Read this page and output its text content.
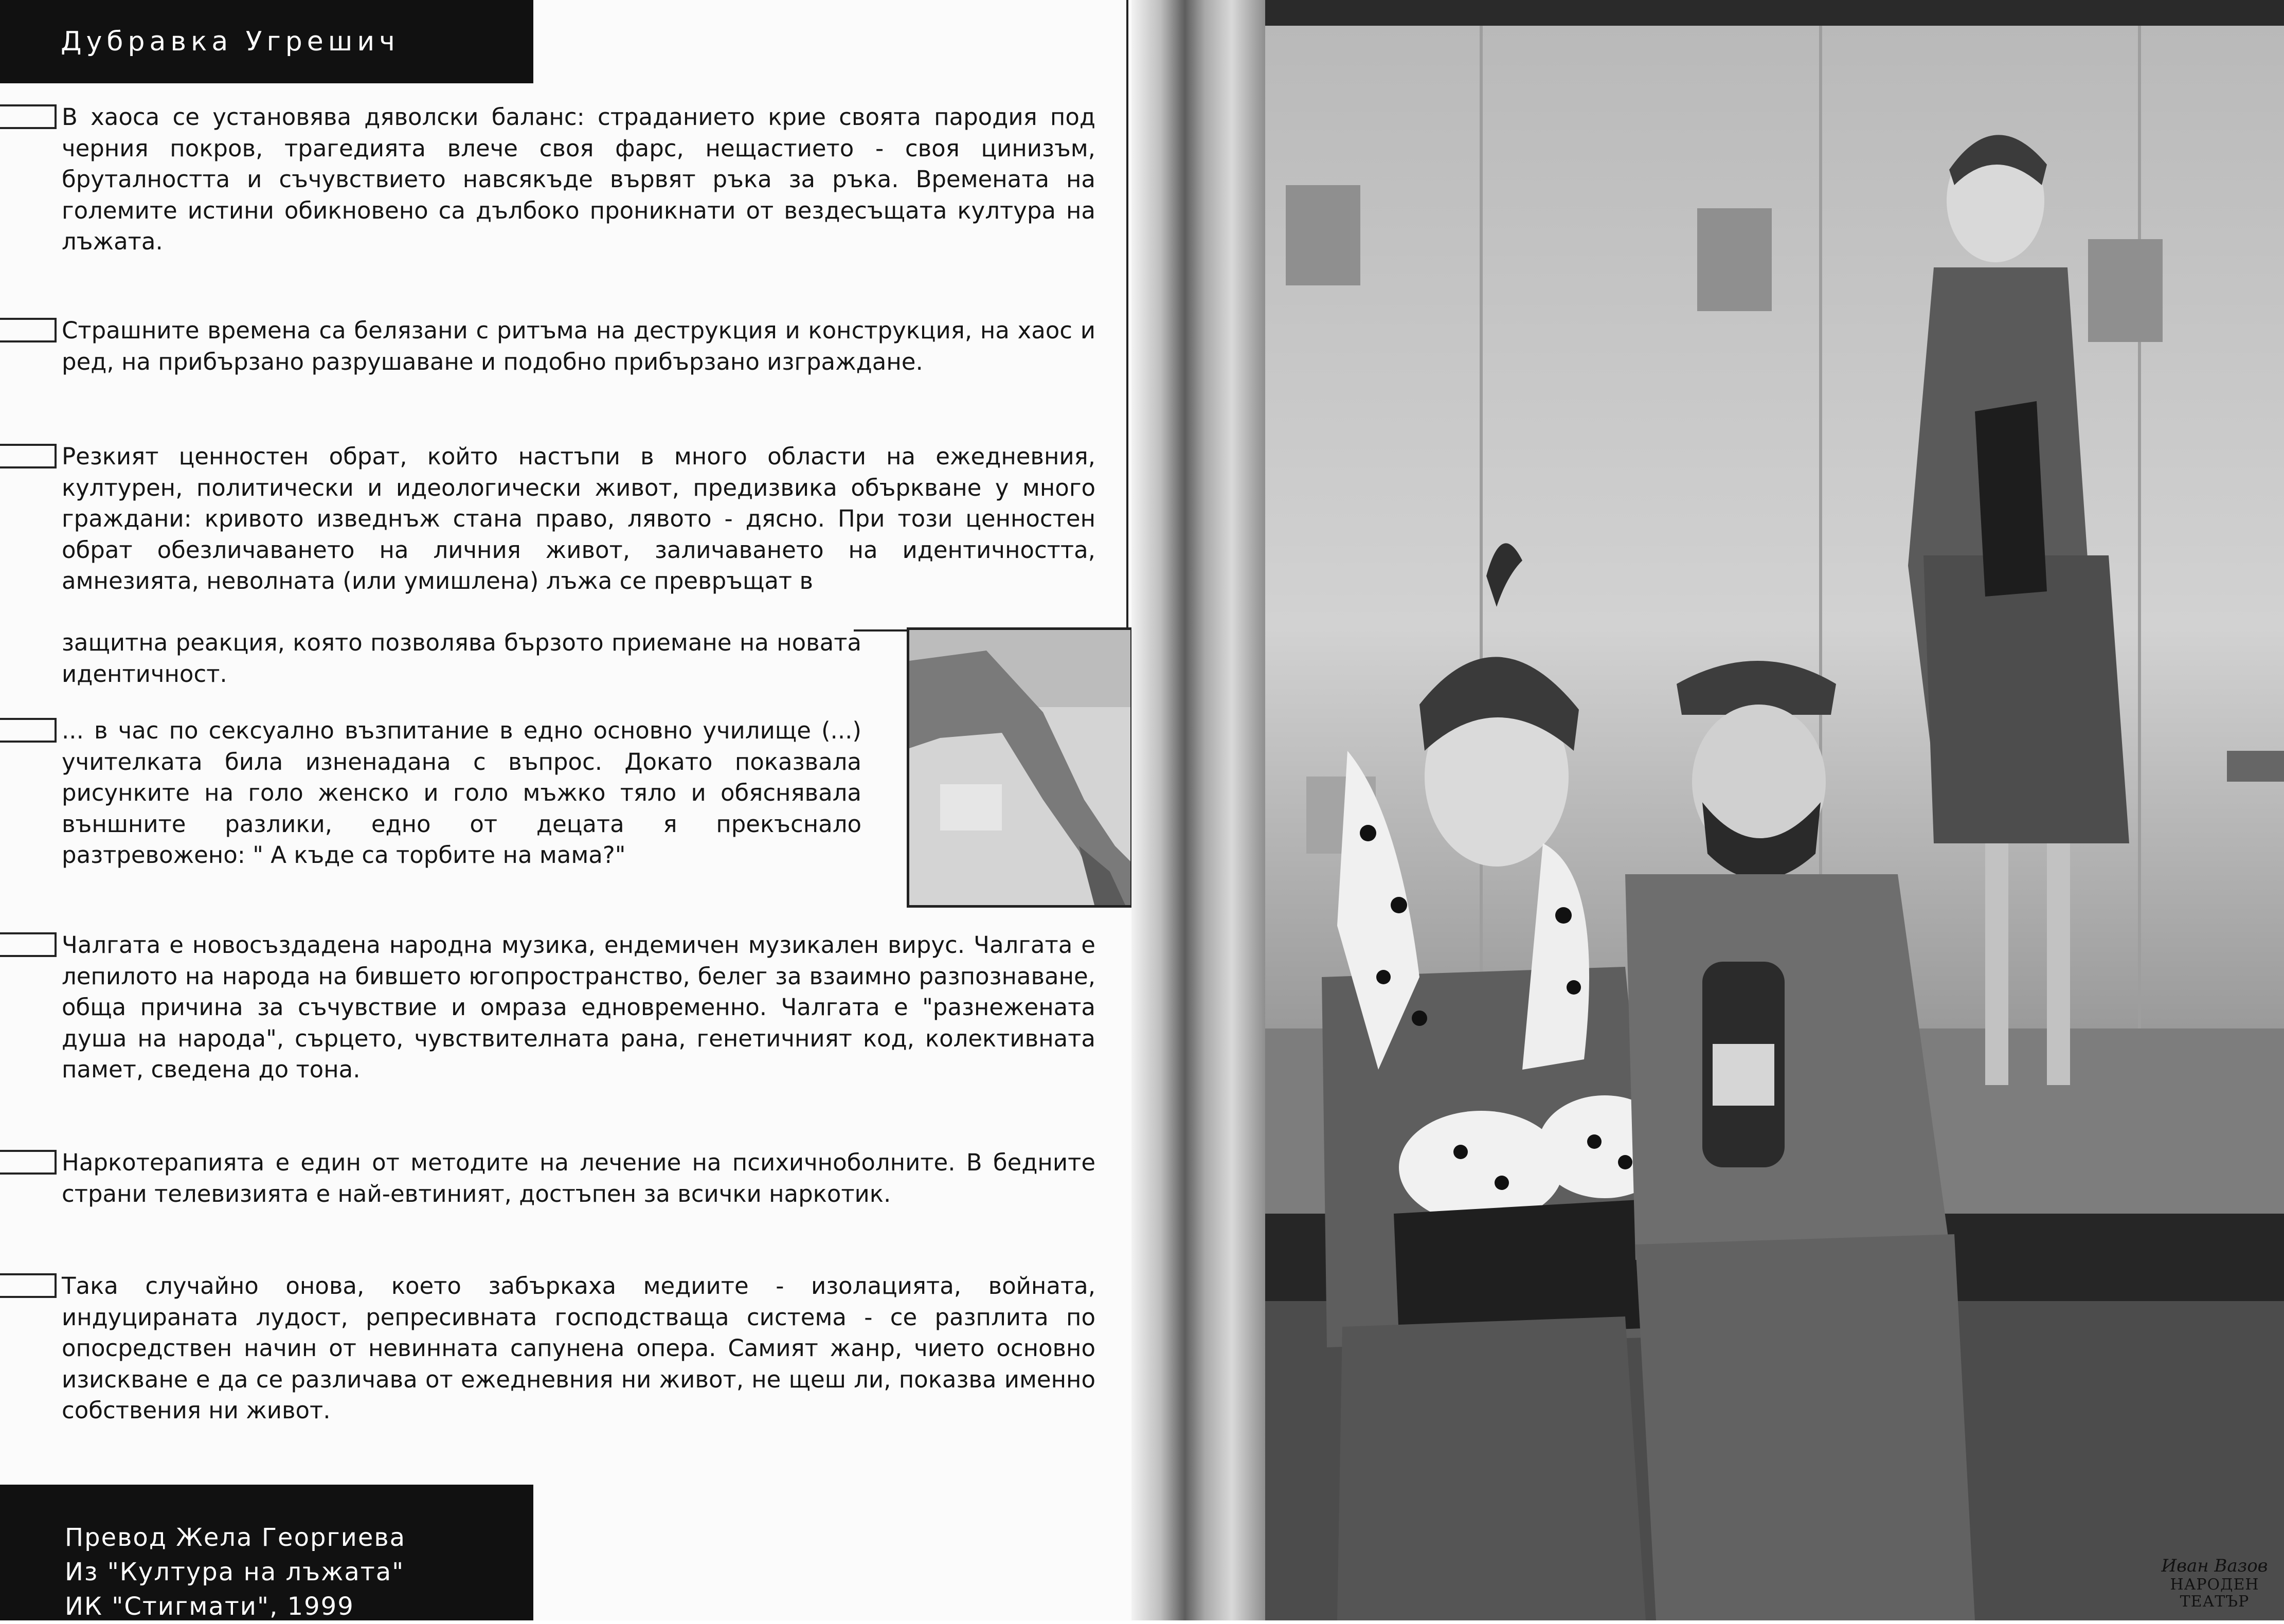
Дубравка Угрешич

В хаоса се установява дяволски баланс: страданието крие своята пародия под черния покров, трагедията влече своя фарс, нещастието - своя цинизъм, бруталността и съчувствието навсякъде вървят ръка за ръка. Времената на големите истини обикновено са дълбоко проникнати от вездесъщата култура на лъжата.

Страшните времена са белязани с ритъма на деструкция и конструкция, на хаос и ред, на прибързано разрушаване и подобно прибързано изграждане.

Резкият ценностен обрат, който настъпи в много области на ежедневния, културен, политически и идеологически живот, предизвика объркване у много граждани: кривото изведнъж стана право, лявото - дясно. При този ценностен обрат обезличаването на личния живот, заличаването на идентичността, амнезията, неволната (или умишлена) лъжа се превръщат в

защитна реакция, която позволява бързото приемане на новата идентичност.

... в час по сексуално възпитание в едно основно училище (...) учителката била изненадана с въпрос. Докато показвала рисунките на голо женско и голо мъжко тяло и обяснявала външните разлики, едно от децата я прекъснало разтревожено: " А къде са торбите на мама?"

Чалгата е новосъздадена народна музика, ендемичен музикален вирус. Чалгата е лепилото на народа на бившето югопространство, белег за взаимно разпознаване, обща причина за съчувствие и омраза едновременно. Чалгата е "разнежената душа на народа", сърцето, чувствителната рана, генетичният код, колективната памет, сведена до тона.

Наркотерапията е един от методите на лечение на психичноболните. В бедните страни телевизията е най-евтиният, достъпен за всички наркотик.

Така случайно онова, което забъркаха медиите - изолацията, войната, индуцираната лудост, репресивната господстваща система - се разплита по опосредствен начин от невинната сапунена опера. Самият жанр, чието основно изискване е да се различава от ежедневния ни живот, не щеш ли, показва именно собствения ни живот.

Превод Жела Георгиева
Из "Култура на лъжата"
ИК "Стигмати", 1999
Иван Вазов
НАРОДЕН
ТЕАТЪР
